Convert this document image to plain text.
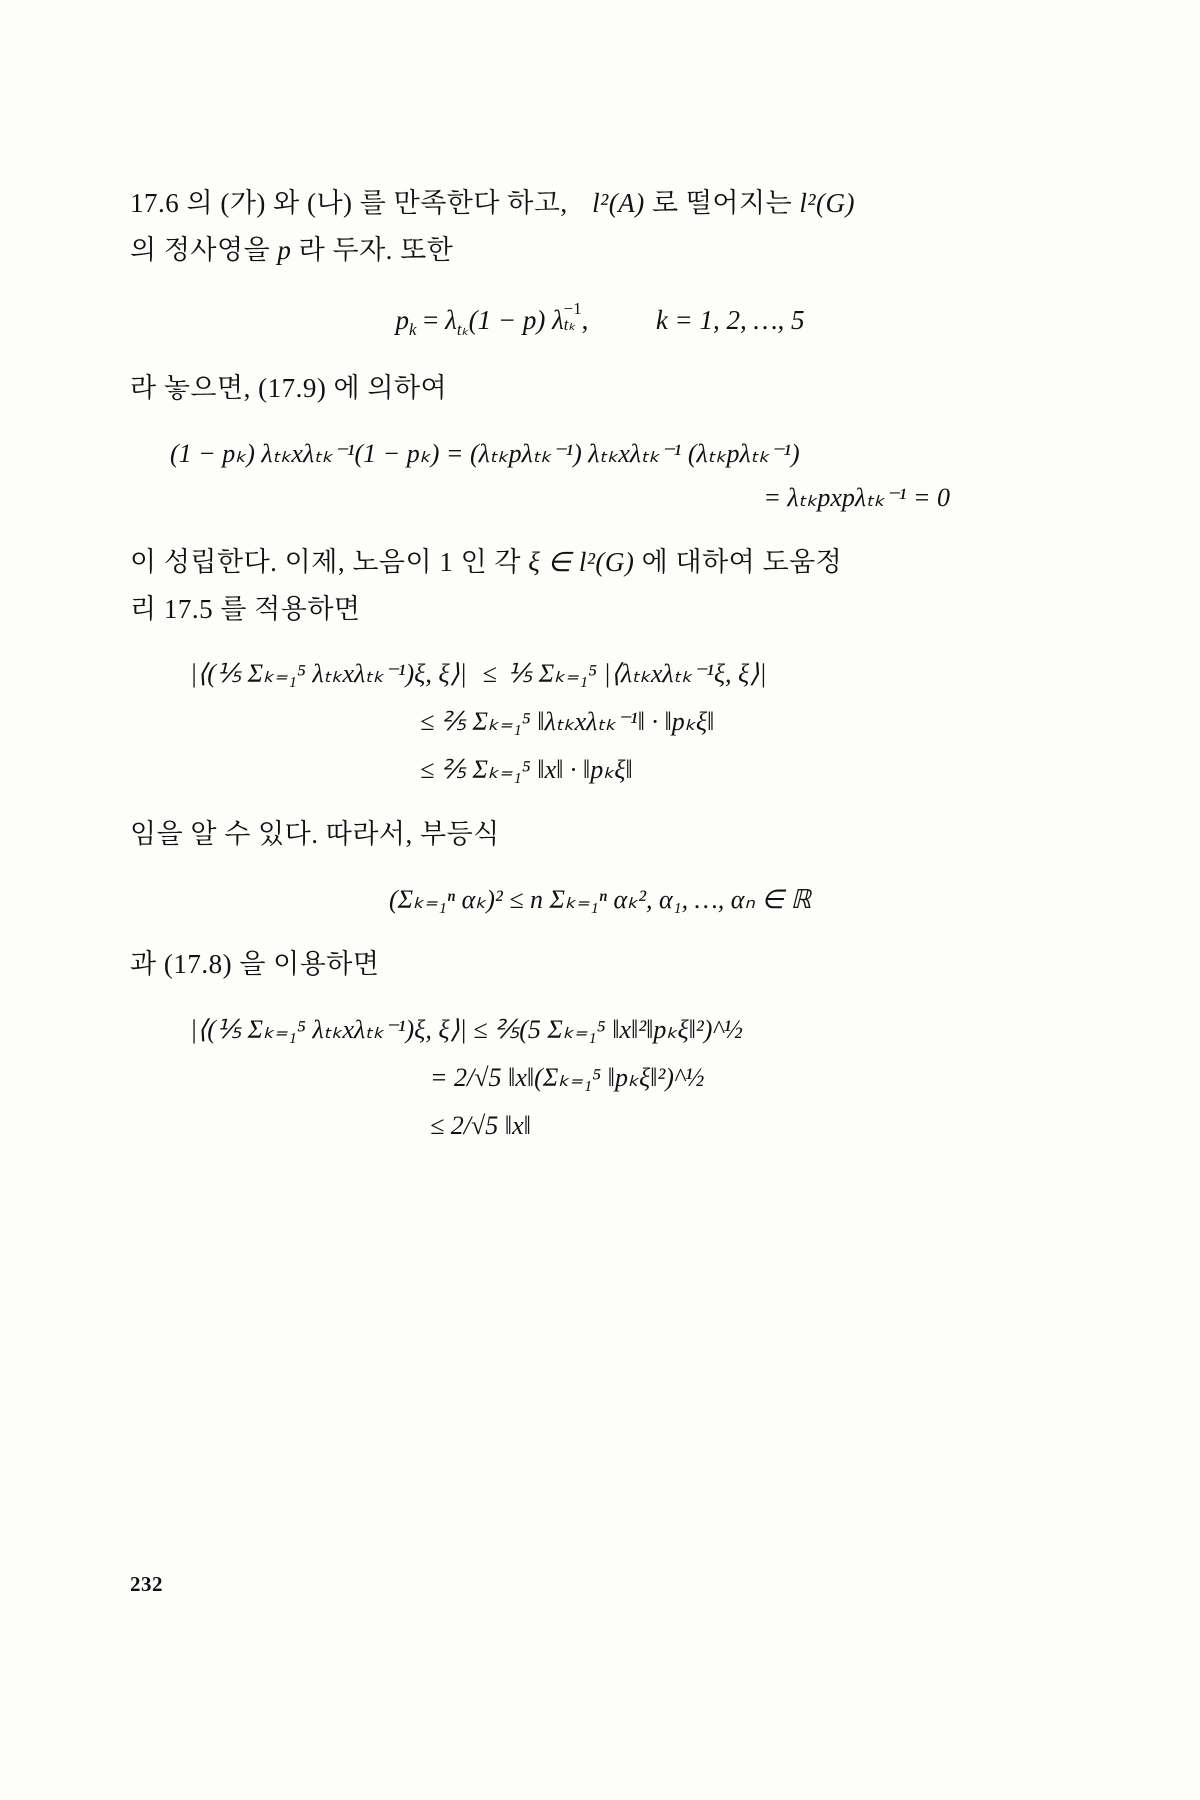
17.6 의 (가) 와 (나) 를 만족한다 하고, l²(A) 로 떨어지는 l²(G)
의 정사영을 p 라 두자. 또한

$p_k = \lambda_{t_k}(1 - p)$ λ −1
tₖ ,	k = 1, 2, …, 5

라 놓으면, (17.9) 에 의하여

(1 − pₖ) λₜₖxλₜₖ⁻¹(1 − pₖ) = (λₜₖpλₜₖ⁻¹) λₜₖxλₜₖ⁻¹ (λₜₖpλₜₖ⁻¹)
= λₜₖpxpλₜₖ⁻¹ = 0

이 성립한다. 이제, 노음이 1 인 각 ξ ∈ l²(G) 에 대하여 도움정
리 17.5 를 적용하면

|⟨(⅕ Σₖ₌₁⁵ λₜₖxλₜₖ⁻¹)ξ, ξ⟩| ≤ ⅕ Σₖ₌₁⁵ |⟨λₜₖxλₜₖ⁻¹ξ, ξ⟩|
≤ ⅖ Σₖ₌₁⁵ ‖λₜₖxλₜₖ⁻¹‖ · ‖pₖξ‖
≤ ⅖ Σₖ₌₁⁵ ‖x‖ · ‖pₖξ‖

임을 알 수 있다. 따라서, 부등식

(Σₖ₌₁ⁿ αₖ)² ≤ n Σₖ₌₁ⁿ αₖ², α₁, …, αₙ ∈ ℝ

과 (17.8) 을 이용하면

|⟨(⅕ Σₖ₌₁⁵ λₜₖxλₜₖ⁻¹)ξ, ξ⟩| ≤ ⅖(5 Σₖ₌₁⁵ ‖x‖²‖pₖξ‖²)^½
= 2/√5 ‖x‖(Σₖ₌₁⁵ ‖pₖξ‖²)^½
≤ 2/√5 ‖x‖
232
